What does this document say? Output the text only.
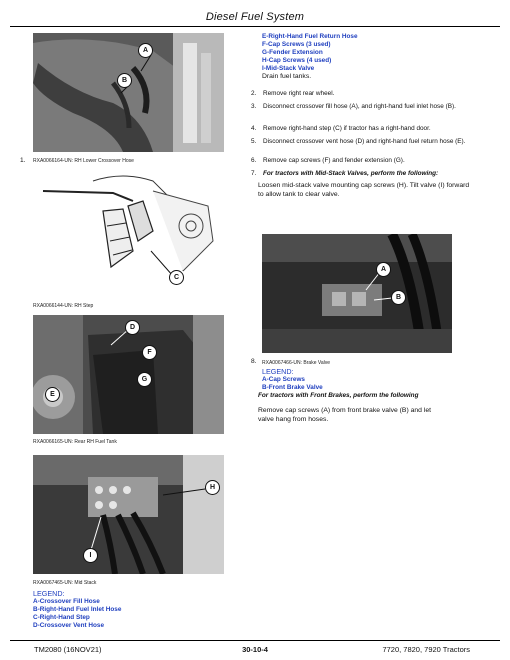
Diesel Fuel System
A
B
1. RXA0066164-UN: RH Lower Crossover Hose
C
RXA0066144-UN: RH Step
D
F
G
E
RXA0066165-UN: Rear RH Fuel Tank
H
I
RXA0067465-UN: Mid Stack
LEGEND:
A-Crossover Fill Hose
B-Right-Hand Fuel Inlet Hose
C-Right-Hand Step
D-Crossover Vent Hose
E-Right-Hand Fuel Return Hose
F-Cap Screws (3 used)
G-Fender Extension
H-Cap Screws (4 used)
I-Mid-Stack Valve
Drain fuel tanks.
2. Remove right rear wheel.
3.	Disconnect crossover fill hose (A), and right-hand fuel inlet hose (B).
4. Remove right-hand step (C) if tractor has a right-hand door.
5.	Disconnect crossover vent hose (D) and right-hand fuel return hose (E).
6. Remove cap screws (F) and fender extension (G).
7. For tractors with Mid-Stack Valves, perform the following:
Loosen mid-stack valve mounting cap screws (H). Tilt valve (I) forward to allow tank to clear valve.
A
B
8. RXA0067466-UN: Brake Valve
LEGEND:
A-Cap Screws
B-Front Brake Valve
For tractors with Front Brakes, perform the following
Remove cap screws (A) from front brake valve (B) and let valve hang from hoses.
TM2080 (16NOV21)	30-10-4	7720, 7820, 7920 Tractors
